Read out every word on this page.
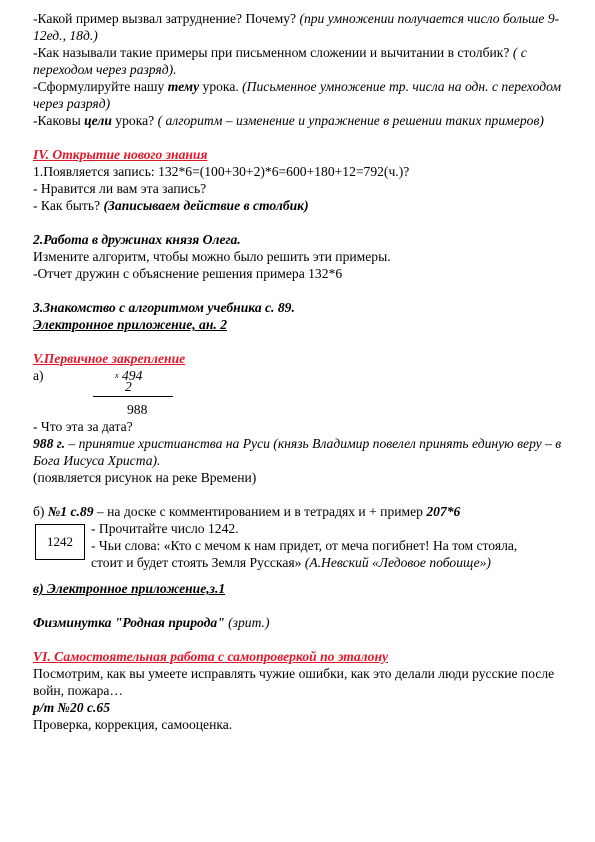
-Какой пример вызвал затруднение? Почему? (при умножении получается число больше 9-12ед., 18д.)

-Как называли такие примеры при письменном сложении и вычитании в столбик? ( с переходом через разряд).

-Сформулируйте нашу тему урока. (Письменное умножение тр. числа на одн. с переходом через разряд)

-Каковы цели урока? ( алгоритм – изменение и упражнение в решении таких примеров)

IV. Открытие нового знания

1.Появляется запись: 132*6=(100+30+2)*6=600+180+12=792(ч.)?

- Нравится ли вам эта запись?

- Как быть? (Записываем действие в столбик)

2.Работа в дружинах князя Олега.

Измените алгоритм, чтобы можно было решить эти примеры.

-Отчет дружин с объяснение решения примера 132*6

3.Знакомство с алгоритмом учебника с. 89.

Электронное приложение, ан. 2

V.Первичное закрепление

а)	$^х$ 494
2
988

- Что эта за дата?

988 г. – принятие христианства на Руси (князь Владимир повелел принять единую веру – в Бога Иисуса Христа).

(появляется рисунок на реке Времени)

б) №1 с.89 – на доске с комментированием и в тетрадях и + пример 207*6

1242
- Прочитайте число 1242.
- Чьи слова: «Кто с мечом к нам придет, от меча погибнет! На том стояла,
стоит и будет стоять Земля Русская» (А.Невский «Ледовое побоище»)

в) Электронное приложение,з.1

Физминутка "Родная природа" (зрит.)

VI. Самостоятельная работа с самопроверкой по эталону

Посмотрим, как вы умеете исправлять чужие ошибки, как это делали люди русские после войн, пожара…

р/т №20 с.65

Проверка, коррекция, самооценка.
